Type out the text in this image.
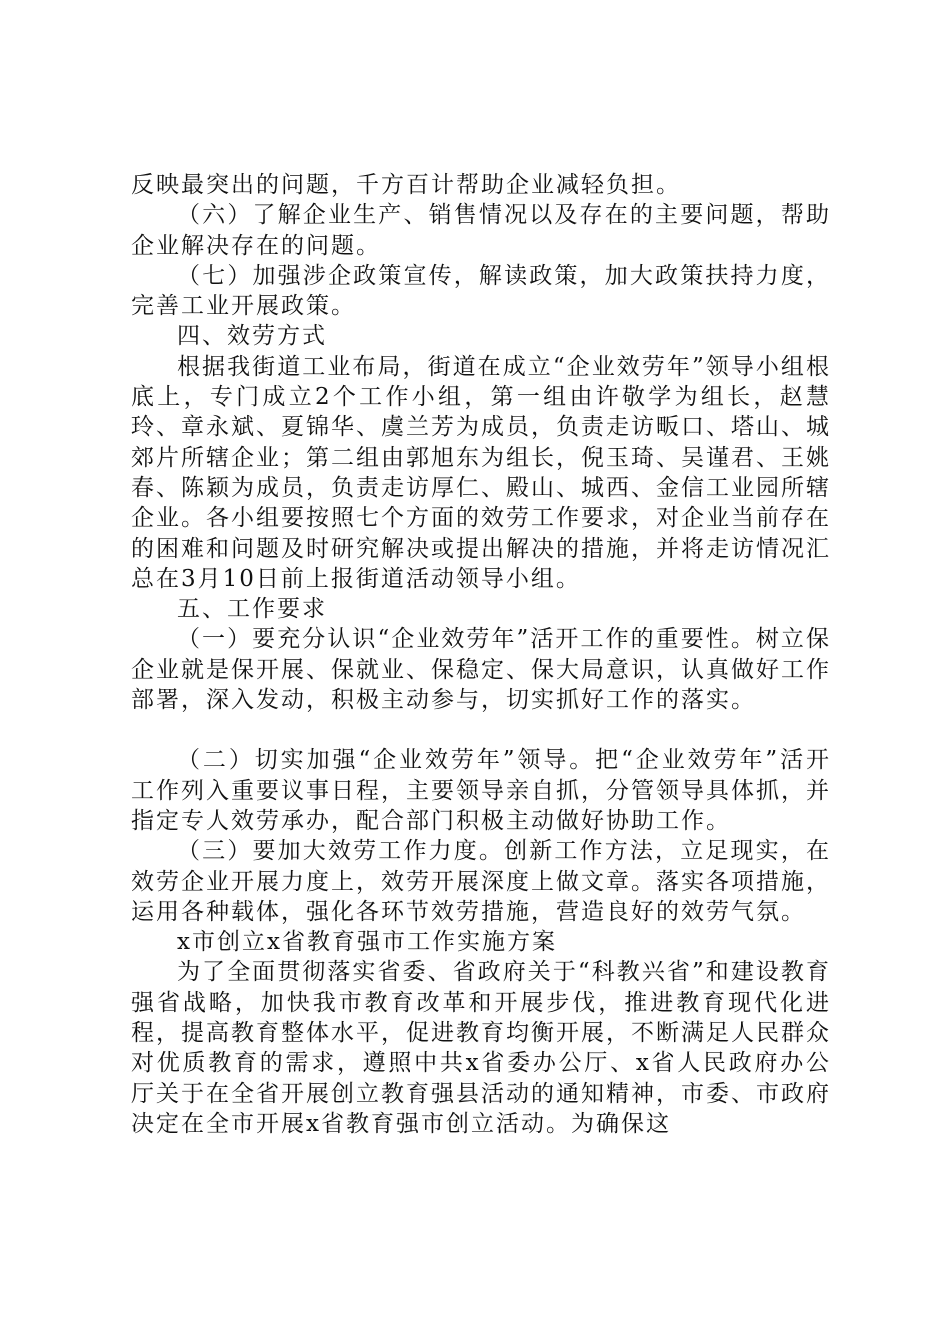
反映最突出的问题，千方百计帮助企业减轻负担。

（六）了解企业生产、销售情况以及存在的主要问题，帮助企业解决存在的问题。

（七）加强涉企政策宣传，解读政策，加大政策扶持力度，完善工业开展政策。

四、效劳方式

根据我街道工业布局，街道在成立“企业效劳年”领导小组根底上，专门成立2个工作小组，第一组由许敬学为组长，赵慧玲、章永斌、夏锦华、虞兰芳为成员，负责走访畈口、塔山、城郊片所辖企业；第二组由郭旭东为组长，倪玉琦、吴谨君、王姚春、陈颖为成员，负责走访厚仁、殿山、城西、金信工业园所辖企业。各小组要按照七个方面的效劳工作要求，对企业当前存在的困难和问题及时研究解决或提出解决的措施，并将走访情况汇总在3月10日前上报街道活动领导小组。

五、工作要求

（一）要充分认识“企业效劳年”活开工作的重要性。树立保企业就是保开展、保就业、保稳定、保大局意识，认真做好工作部署，深入发动，积极主动参与，切实抓好工作的落实。

（二）切实加强“企业效劳年”领导。把“企业效劳年”活开工作列入重要议事日程，主要领导亲自抓，分管领导具体抓，并指定专人效劳承办，配合部门积极主动做好协助工作。

（三）要加大效劳工作力度。创新工作方法，立足现实，在效劳企业开展力度上，效劳开展深度上做文章。落实各项措施，运用各种载体，强化各环节效劳措施，营造良好的效劳气氛。

x市创立x省教育强市工作实施方案

为了全面贯彻落实省委、省政府关于“科教兴省”和建设教育强省战略，加快我市教育改革和开展步伐，推进教育现代化进程，提高教育整体水平，促进教育均衡开展，不断满足人民群众对优质教育的需求，遵照中共x省委办公厅、x省人民政府办公厅关于在全省开展创立教育强县活动的通知精神，市委、市政府决定在全市开展x省教育强市创立活动。为确保这
